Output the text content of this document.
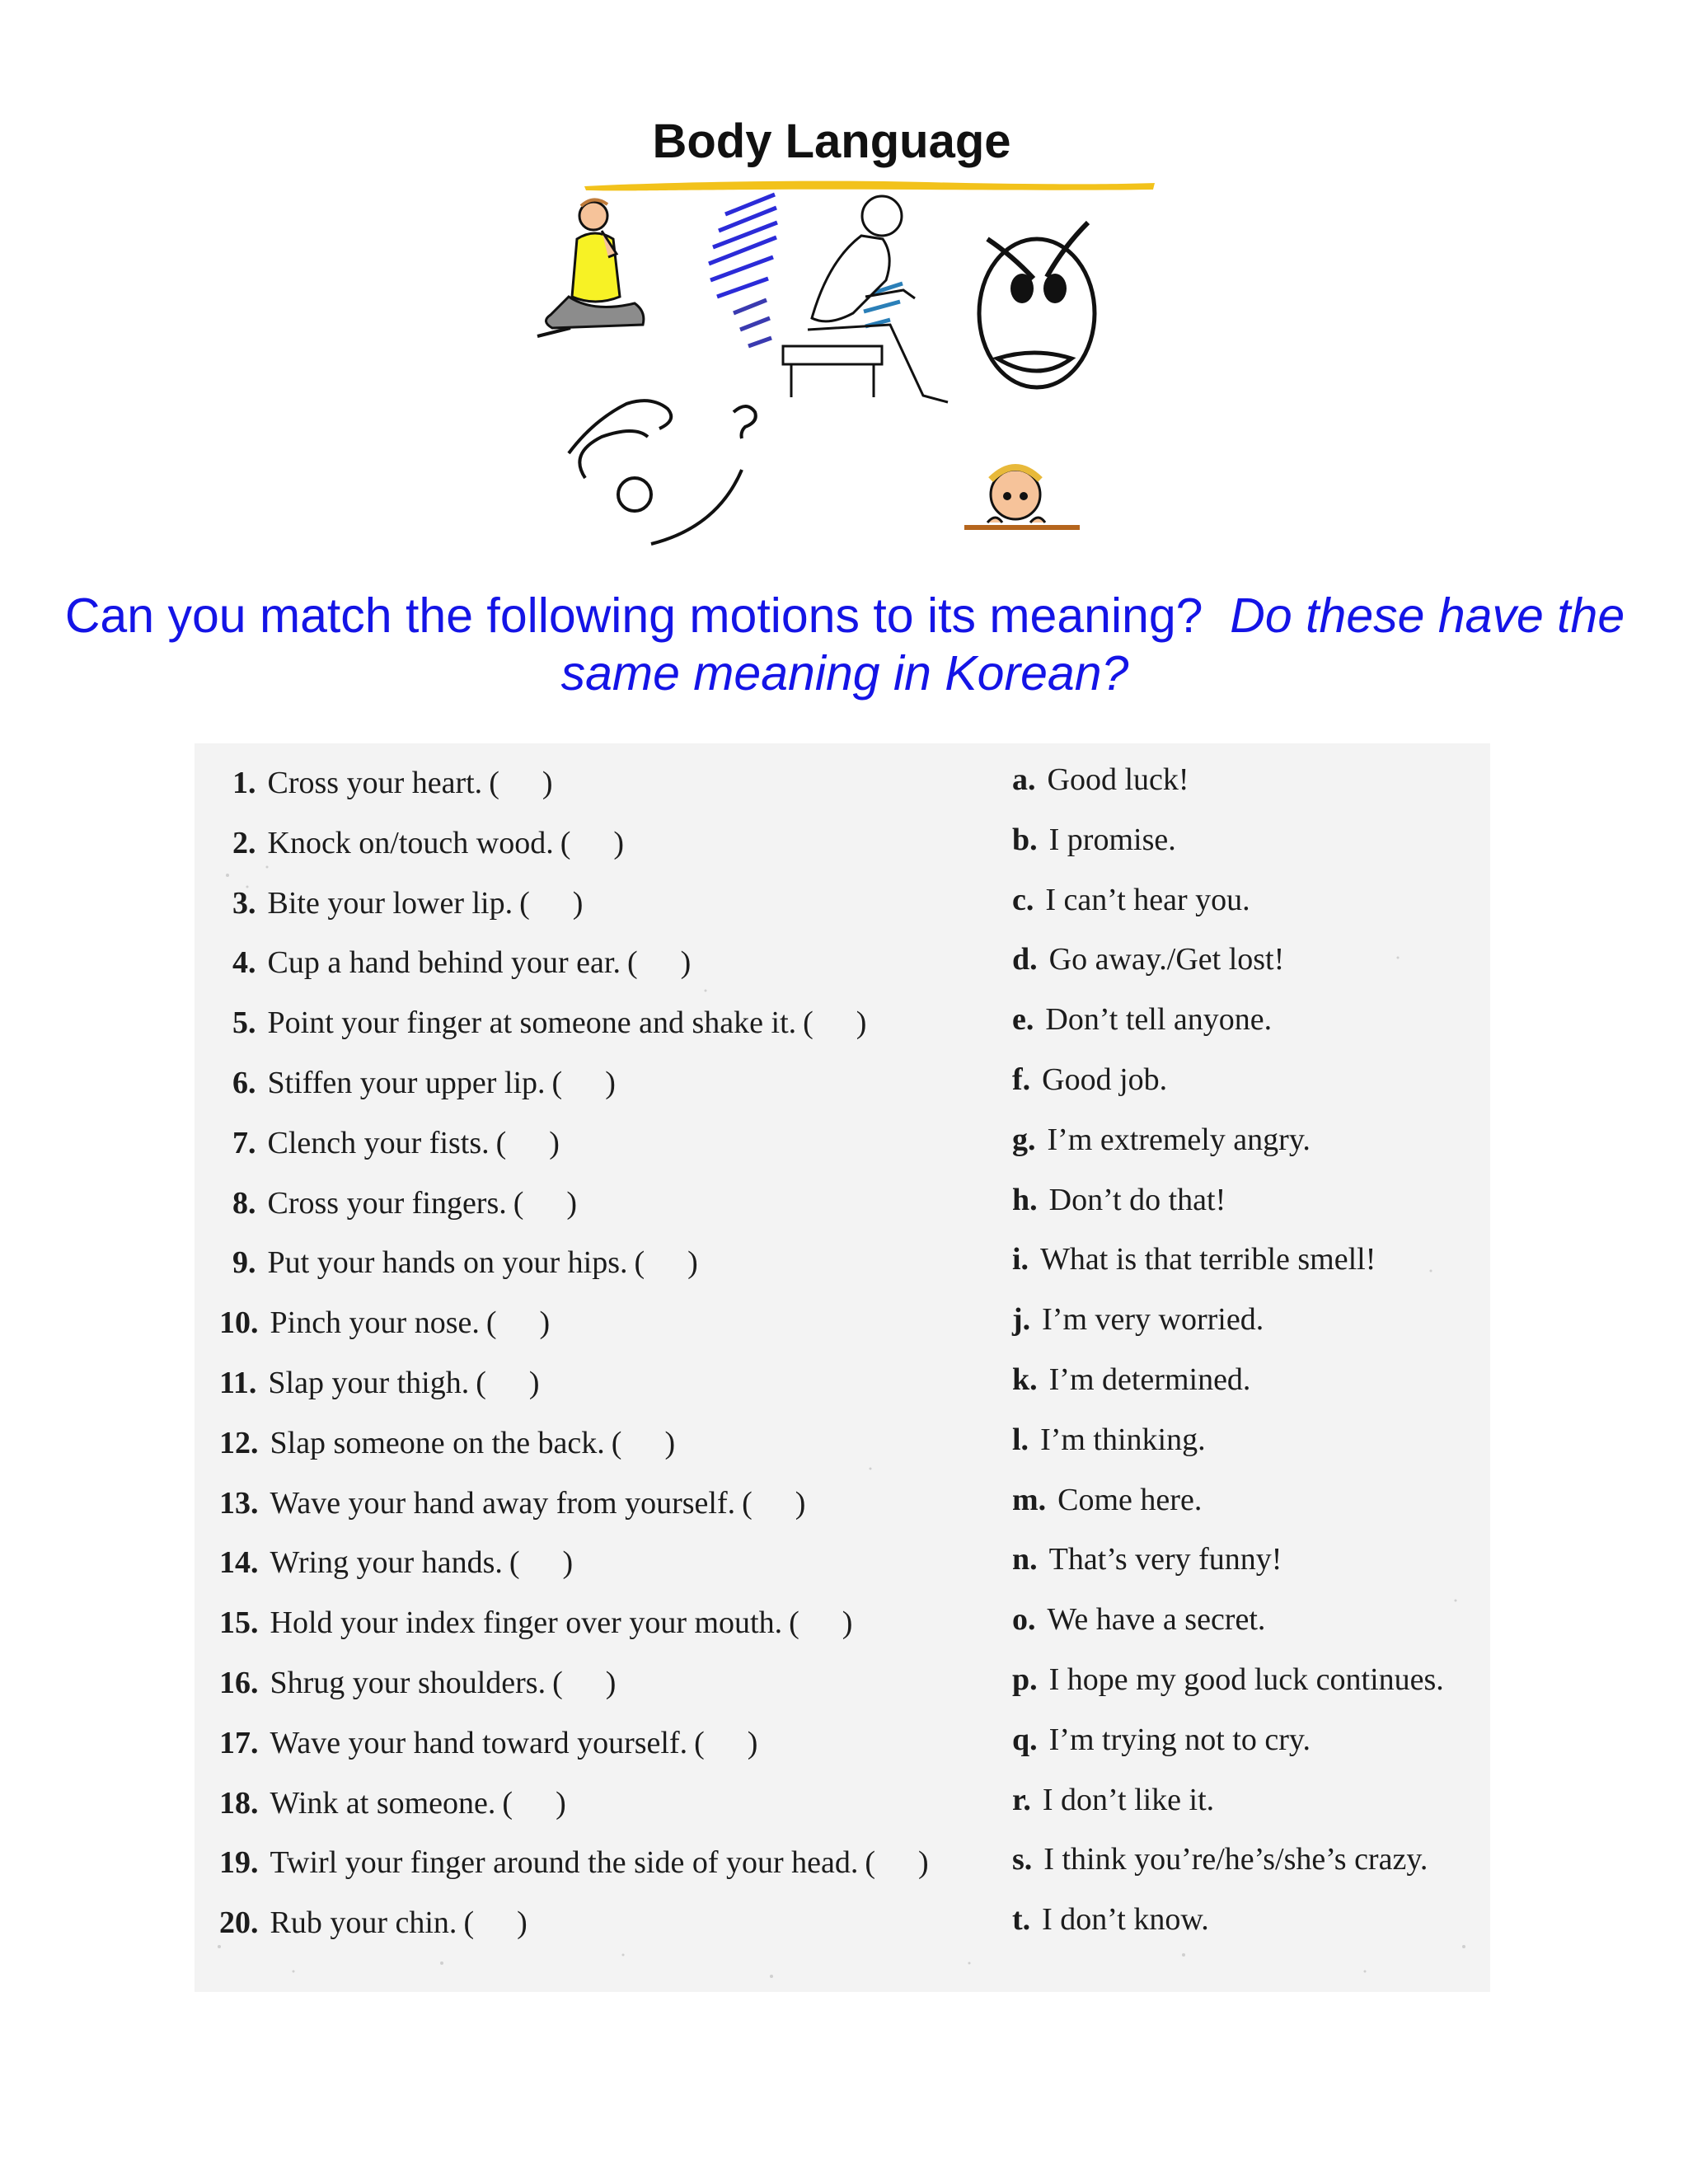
Body Language
Can you match the following motions to its meaning? Do these have the same meaning in Korean?
1. Cross your heart. ( )
2. Knock on/touch wood. ( )
3. Bite your lower lip. ( )
4. Cup a hand behind your ear. ( )
5. Point your finger at someone and shake it. ( )
6. Stiffen your upper lip. ( )
7. Clench your fists. ( )
8. Cross your fingers. ( )
9. Put your hands on your hips. ( )
10. Pinch your nose. ( )
11. Slap your thigh. ( )
12. Slap someone on the back. ( )
13. Wave your hand away from yourself. ( )
14. Wring your hands. ( )
15. Hold your index finger over your mouth. ( )
16. Shrug your shoulders. ( )
17. Wave your hand toward yourself. ( )
18. Wink at someone. ( )
19. Twirl your finger around the side of your head. ( )
20. Rub your chin. ( )
a. Good luck!
b. I promise.
c. I can’t hear you.
d. Go away./Get lost!
e. Don’t tell anyone.
f. Good job.
g. I’m extremely angry.
h. Don’t do that!
i. What is that terrible smell!
j. I’m very worried.
k. I’m determined.
l. I’m thinking.
m. Come here.
n. That’s very funny!
o. We have a secret.
p. I hope my good luck continues.
q. I’m trying not to cry.
r. I don’t like it.
s. I think you’re/he’s/she’s crazy.
t. I don’t know.
